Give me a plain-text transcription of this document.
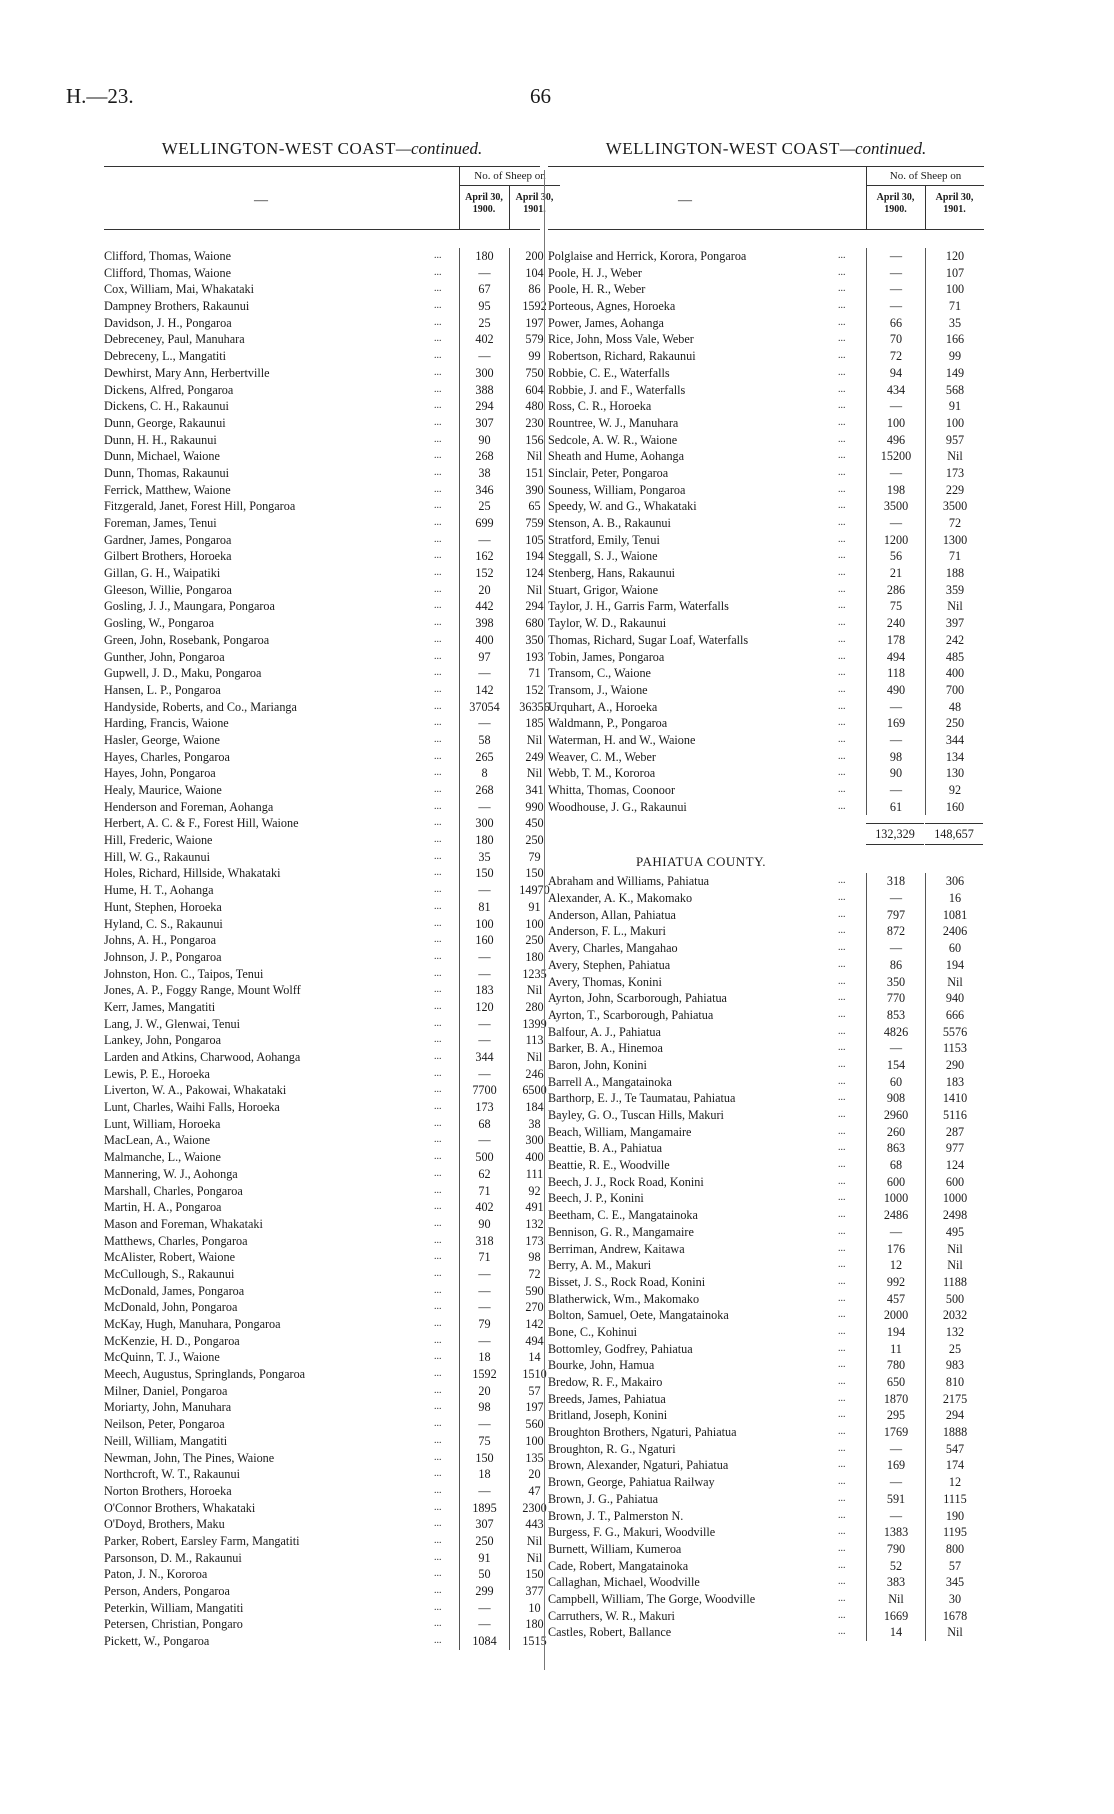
H.—23.	66
WELLINGTON-WEST COAST—continued.
—
No. of Sheep on
April 30, 1900.
April 30, 1901.
Clifford, Thomas, Waione	180	200
...
Clifford, Thomas, Waione	—	104
...
Cox, William, Mai, Whakataki	67	86
...
Dampney Brothers, Rakaunui	95	1592
...
Davidson, J. H., Pongaroa	25	197
...
Debreceney, Paul, Manuhara	402	579
...
Debreceny, L., Mangatiti	—	99
...
Dewhirst, Mary Ann, Herbertville	300	750
...
Dickens, Alfred, Pongaroa	388	604
...
Dickens, C. H., Rakaunui	294	480
...
Dunn, George, Rakaunui	307	230
...
Dunn, H. H., Rakaunui	90	156
...
Dunn, Michael, Waione	268	Nil
...
Dunn, Thomas, Rakaunui	38	151
...
Ferrick, Matthew, Waione	346	390
...
Fitzgerald, Janet, Forest Hill, Pongaroa	25	65
...
Foreman, James, Tenui	699	759
...
Gardner, James, Pongaroa	—	105
...
Gilbert Brothers, Horoeka	162	194
...
Gillan, G. H., Waipatiki	152	124
...
Gleeson, Willie, Pongaroa	20	Nil
...
Gosling, J. J., Maungara, Pongaroa	442	294
...
Gosling, W., Pongaroa	398	680
...
Green, John, Rosebank, Pongaroa	400	350
...
Gunther, John, Pongaroa	97	193
...
Gupwell, J. D., Maku, Pongaroa	—	71
...
Hansen, L. P., Pongaroa	142	152
...
Handyside, Roberts, and Co., Marianga	37054	36356
...
Harding, Francis, Waione	—	185
...
Hasler, George, Waione	58	Nil
...
Hayes, Charles, Pongaroa	265	249
...
Hayes, John, Pongaroa	8	Nil
...
Healy, Maurice, Waione	268	341
...
Henderson and Foreman, Aohanga	—	990
...
Herbert, A. C. & F., Forest Hill, Waione	300	450
...
Hill, Frederic, Waione	180	250
...
Hill, W. G., Rakaunui	35	79
...
Holes, Richard, Hillside, Whakataki	150	150
...
Hume, H. T., Aohanga	—	14970
...
Hunt, Stephen, Horoeka	81	91
...
Hyland, C. S., Rakaunui	100	100
...
Johns, A. H., Pongaroa	160	250
...
Johnson, J. P., Pongaroa	—	180
...
Johnston, Hon. C., Taipos, Tenui	—	1235
...
Jones, A. P., Foggy Range, Mount Wolff	183	Nil
...
Kerr, James, Mangatiti	120	280
...
Lang, J. W., Glenwai, Tenui	—	1399
...
Lankey, John, Pongaroa	—	113
...
Larden and Atkins, Charwood, Aohanga	344	Nil
...
Lewis, P. E., Horoeka	—	246
...
Liverton, W. A., Pakowai, Whakataki	7700	6500
...
Lunt, Charles, Waihi Falls, Horoeka	173	184
...
Lunt, William, Horoeka	68	38
...
MacLean, A., Waione	—	300
...
Malmanche, L., Waione	500	400
...
Mannering, W. J., Aohonga	62	111
...
Marshall, Charles, Pongaroa	71	92
...
Martin, H. A., Pongaroa	402	491
...
Mason and Foreman, Whakataki	90	132
...
Matthews, Charles, Pongaroa	318	173
...
McAlister, Robert, Waione	71	98
...
McCullough, S., Rakaunui	—	72
...
McDonald, James, Pongaroa	—	590
...
McDonald, John, Pongaroa	—	270
...
McKay, Hugh, Manuhara, Pongaroa	79	142
...
McKenzie, H. D., Pongaroa	—	494
...
McQuinn, T. J., Waione	18	14
...
Meech, Augustus, Springlands, Pongaroa	1592	1510
...
Milner, Daniel, Pongaroa	20	57
...
Moriarty, John, Manuhara	98	197
...
Neilson, Peter, Pongaroa	—	560
...
Neill, William, Mangatiti	75	100
...
Newman, John, The Pines, Waione	150	135
...
Northcroft, W. T., Rakaunui	18	20
...
Norton Brothers, Horoeka	—	47
...
O'Connor Brothers, Whakataki	1895	2300
...
O'Doyd, Brothers, Maku	307	443
...
Parker, Robert, Earsley Farm, Mangatiti	250	Nil
...
Parsonson, D. M., Rakaunui	91	Nil
...
Paton, J. N., Kororoa	50	150
...
Person, Anders, Pongaroa	299	377
...
Peterkin, William, Mangatiti	—	10
...
Petersen, Christian, Pongaro	—	180
...
Pickett, W., Pongaroa	1084	1515
...
WELLINGTON-WEST COAST—continued.
—
No. of Sheep on
April 30, 1900.
April 30, 1901.
Polglaise and Herrick, Korora, Pongaroa	—	120
...
Poole, H. J., Weber	—	107
...
Poole, H. R., Weber	—	100
...
Porteous, Agnes, Horoeka	—	71
...
Power, James, Aohanga	66	35
...
Rice, John, Moss Vale, Weber	70	166
...
Robertson, Richard, Rakaunui	72	99
...
Robbie, C. E., Waterfalls	94	149
...
Robbie, J. and F., Waterfalls	434	568
...
Ross, C. R., Horoeka	—	91
...
Rountree, W. J., Manuhara	100	100
...
Sedcole, A. W. R., Waione	496	957
...
Sheath and Hume, Aohanga	15200	Nil
...
Sinclair, Peter, Pongaroa	—	173
...
Souness, William, Pongaroa	198	229
...
Speedy, W. and G., Whakataki	3500	3500
...
Stenson, A. B., Rakaunui	—	72
...
Stratford, Emily, Tenui	1200	1300
...
Steggall, S. J., Waione	56	71
...
Stenberg, Hans, Rakaunui	21	188
...
Stuart, Grigor, Waione	286	359
...
Taylor, J. H., Garris Farm, Waterfalls	75	Nil
...
Taylor, W. D., Rakaunui	240	397
...
Thomas, Richard, Sugar Loaf, Waterfalls	178	242
...
Tobin, James, Pongaroa	494	485
...
Transom, C., Waione	118	400
...
Transom, J., Waione	490	700
...
Urquhart, A., Horoeka	—	48
...
Waldmann, P., Pongaroa	169	250
...
Waterman, H. and W., Waione	—	344
...
Weaver, C. M., Weber	98	134
...
Webb, T. M., Kororoa	90	130
...
Whitta, Thomas, Coonoor	—	92
...
Woodhouse, J. G., Rakaunui	61	160
...
132,329	148,657
PAHIATUA COUNTY.
Abraham and Williams, Pahiatua	318	306
...
Alexander, A. K., Makomako	—	16
...
Anderson, Allan, Pahiatua	797	1081
...
Anderson, F. L., Makuri	872	2406
...
Avery, Charles, Mangahao	—	60
...
Avery, Stephen, Pahiatua	86	194
...
Avery, Thomas, Konini	350	Nil
...
Ayrton, John, Scarborough, Pahiatua	770	940
...
Ayrton, T., Scarborough, Pahiatua	853	666
...
Balfour, A. J., Pahiatua	4826	5576
...
Barker, B. A., Hinemoa	—	1153
...
Baron, John, Konini	154	290
...
Barrell A., Mangatainoka	60	183
...
Barthorp, E. J., Te Taumatau, Pahiatua	908	1410
...
Bayley, G. O., Tuscan Hills, Makuri	2960	5116
...
Beach, William, Mangamaire	260	287
...
Beattie, B. A., Pahiatua	863	977
...
Beattie, R. E., Woodville	68	124
...
Beech, J. J., Rock Road, Konini	600	600
...
Beech, J. P., Konini	1000	1000
...
Beetham, C. E., Mangatainoka	2486	2498
...
Bennison, G. R., Mangamaire	—	495
...
Berriman, Andrew, Kaitawa	176	Nil
...
Berry, A. M., Makuri	12	Nil
...
Bisset, J. S., Rock Road, Konini	992	1188
...
Blatherwick, Wm., Makomako	457	500
...
Bolton, Samuel, Oete, Mangatainoka	2000	2032
...
Bone, C., Kohinui	194	132
...
Bottomley, Godfrey, Pahiatua	11	25
...
Bourke, John, Hamua	780	983
...
Bredow, R. F., Makairo	650	810
...
Breeds, James, Pahiatua	1870	2175
...
Britland, Joseph, Konini	295	294
...
Broughton Brothers, Ngaturi, Pahiatua	1769	1888
...
Broughton, R. G., Ngaturi	—	547
...
Brown, Alexander, Ngaturi, Pahiatua	169	174
...
Brown, George, Pahiatua Railway	—	12
...
Brown, J. G., Pahiatua	591	1115
...
Brown, J. T., Palmerston N.	—	190
...
Burgess, F. G., Makuri, Woodville	1383	1195
...
Burnett, William, Kumeroa	790	800
...
Cade, Robert, Mangatainoka	52	57
...
Callaghan, Michael, Woodville	383	345
...
Campbell, William, The Gorge, Woodville	Nil	30
...
Carruthers, W. R., Makuri	1669	1678
...
Castles, Robert, Ballance	14	Nil
...
